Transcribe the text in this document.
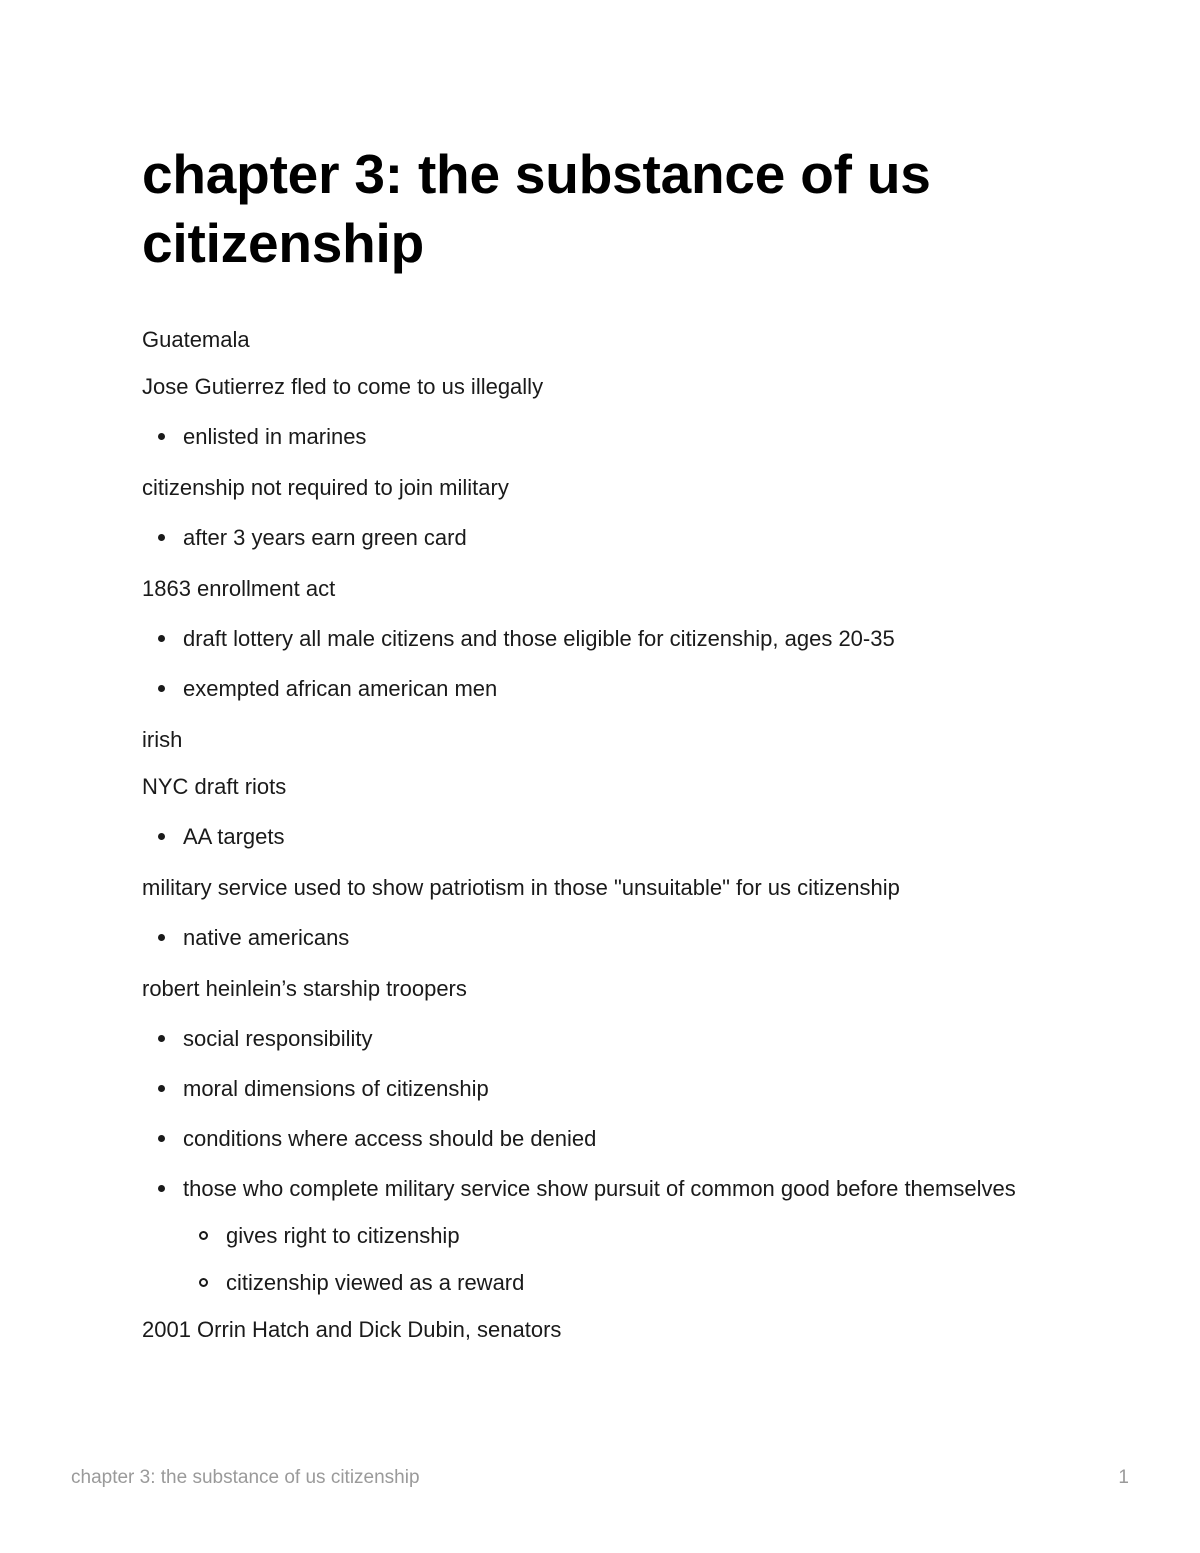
chapter 3: the substance of us citizenship

Guatemala

Jose Gutierrez fled to come to us illegally

enlisted in marines

citizenship not required to join military

after 3 years earn green card

1863 enrollment act

draft lottery all male citizens and those eligible for citizenship, ages 20-35
exempted african american men

irish

NYC draft riots

AA targets

military service used to show patriotism in those "unsuitable" for us citizenship

native americans

robert heinlein’s starship troopers

social responsibility
moral dimensions of citizenship
conditions where access should be denied
those who complete military service show pursuit of common good before themselves
gives right to citizenship
citizenship viewed as a reward

2001 Orrin Hatch and Dick Dubin, senators

chapter 3: the substance of us citizenship	1
